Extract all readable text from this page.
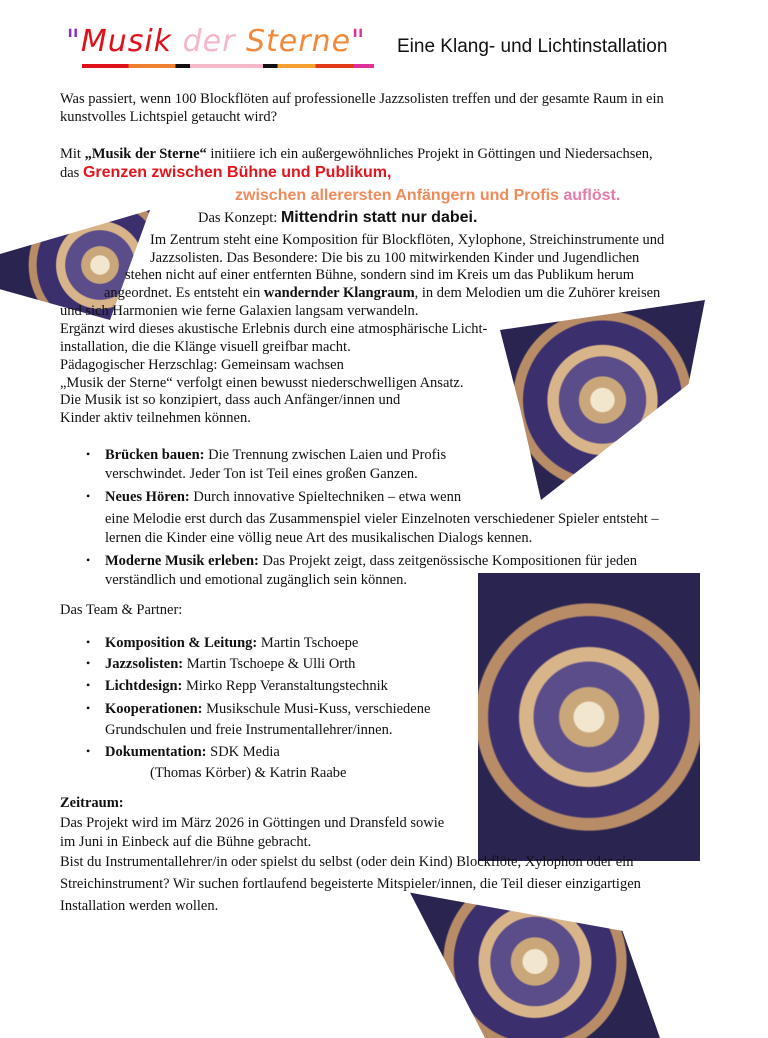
"Musik der Sterne" Eine Klang- und Lichtinstallation
Was passiert, wenn 100 Blockflöten auf professionelle Jazzsolisten treffen und der gesamte Raum in ein
kunstvolles Lichtspiel getaucht wird?
Mit „Musik der Sterne“ initiiere ich ein außergewöhnliches Projekt in Göttingen und Niedersachsen,
das Grenzen zwischen Bühne und Publikum,
zwischen allerersten Anfängern und Profis auflöst.
Das Konzept: Mittendrin statt nur dabei.
Im Zentrum steht eine Komposition für Blockflöten, Xylophone, Streichinstrumente und
Jazzsolisten. Das Besondere: Die bis zu 100 mitwirkenden Kinder und Jugendlichen
stehen nicht auf einer entfernten Bühne, sondern sind im Kreis um das Publikum herum
angeordnet. Es entsteht ein wandernder Klangraum, in dem Melodien um die Zuhörer kreisen
und sich Harmonien wie ferne Galaxien langsam verwandeln.
Ergänzt wird dieses akustische Erlebnis durch eine atmosphärische Licht-
installation, die die Klänge visuell greifbar macht.
Pädagogischer Herzschlag: Gemeinsam wachsen
„Musik der Sterne“ verfolgt einen bewusst niederschwelligen Ansatz.
Die Musik ist so konzipiert, dass auch Anfänger/innen und
Kinder aktiv teilnehmen können.
• Brücken bauen: Die Trennung zwischen Laien und Profis
verschwindet. Jeder Ton ist Teil eines großen Ganzen.
• Neues Hören: Durch innovative Spieltechniken – etwa wenn
eine Melodie erst durch das Zusammenspiel vieler Einzelnoten verschiedener Spieler entsteht –
lernen die Kinder eine völlig neue Art des musikalischen Dialogs kennen.
• Moderne Musik erleben: Das Projekt zeigt, dass zeitgenössische Kompositionen für jeden
verständlich und emotional zugänglich sein können.
Das Team & Partner:
• Komposition & Leitung: Martin Tschoepe
• Jazzsolisten: Martin Tschoepe & Ulli Orth
• Lichtdesign: Mirko Repp Veranstaltungstechnik
• Kooperationen: Musikschule Musi-Kuss, verschiedene
Grundschulen und freie Instrumentallehrer/innen.
• Dokumentation: SDK Media
(Thomas Körber) & Katrin Raabe
Zeitraum:
Das Projekt wird im März 2026 in Göttingen und Dransfeld sowie
im Juni in Einbeck auf die Bühne gebracht.
Bist du Instrumentallehrer/in oder spielst du selbst (oder dein Kind) Blockflöte, Xylophon oder ein
Streichinstrument? Wir suchen fortlaufend begeisterte Mitspieler/innen, die Teil dieser einzigartigen
Installation werden wollen.
